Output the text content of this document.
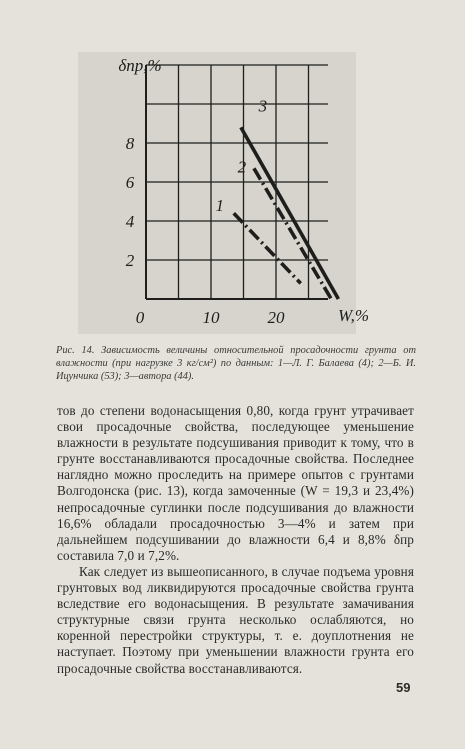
2
4
6
8
0	10	20
δпр,%
W,%
1
2
3
Рис. 14. Зависимость величины относительной просадочности грунта от влажности (при нагрузке 3 кг/см²) по данным: 1—Л. Г. Балаева (4); 2—Б. И. Ицунчика (53); 3—автора (44).

тов до степени водонасыщения 0,80, когда грунт утрачивает свои просадочные свойства, последующее уменьшение влажности в результате подсушивания приводит к тому, что в грунте восстанавливаются просадочные свойства. Последнее наглядно можно проследить на примере опытов с грунтами Волгодонска (рис. 13), когда замоченные (W = 19,3 и 23,4%) непросадочные суглинки после подсушивания до влажности 16,6% обладали просадочностью 3—4% и затем при дальнейшем подсушивании до влажности 6,4 и 8,8% δпр составила 7,0 и 7,2%.

Как следует из вышеописанного, в случае подъема уровня грунтовых вод ликвидируются просадочные свойства грунта вследствие его водонасыщения. В результате замачивания структурные связи грунта несколько ослабляются, но коренной перестройки структуры, т. е. доуплотнения не наступает. Поэтому при уменьшении влажности грунта его просадочные свойства восстанавливаются.

59
